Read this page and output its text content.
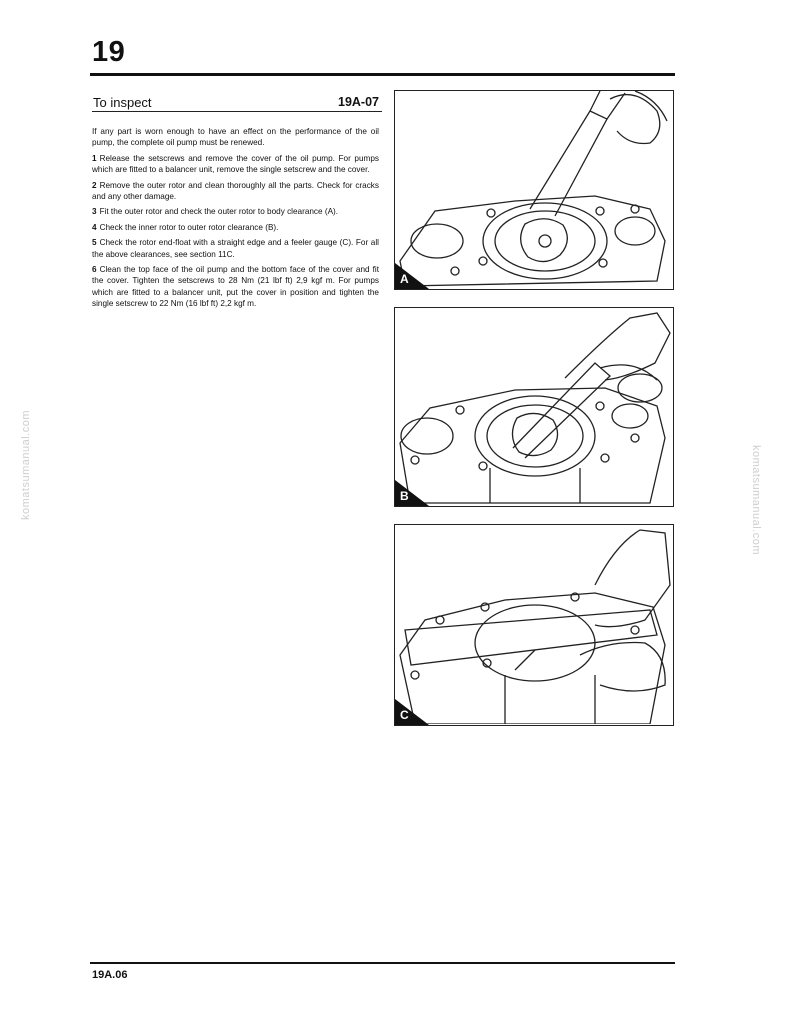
19
To inspect	19A-07

If any part is worn enough to have an effect on the performance of the oil pump, the complete oil pump must be renewed.

1 Release the setscrews and remove the cover of the oil pump. For pumps which are fitted to a balancer unit, remove the single setscrew and the cover.

2 Remove the outer rotor and clean thoroughly all the parts. Check for cracks and any other damage.

3 Fit the outer rotor and check the outer rotor to body clearance (A).

4 Check the inner rotor to outer rotor clearance (B).

5 Check the rotor end-float with a straight edge and a feeler gauge (C). For all the above clearances, see section 11C.

6 Clean the top face of the oil pump and the bottom face of the cover and fit the cover. Tighten the setscrews to 28 Nm (21 lbf ft) 2,9 kgf m. For pumps which are fitted to a balancer unit, put the cover in position and tighten the single setscrew to 22 Nm (16 lbf ft) 2,2 kgf m.

A
B
C
komatsumanual.com	komatsumanual.com
19A.06
